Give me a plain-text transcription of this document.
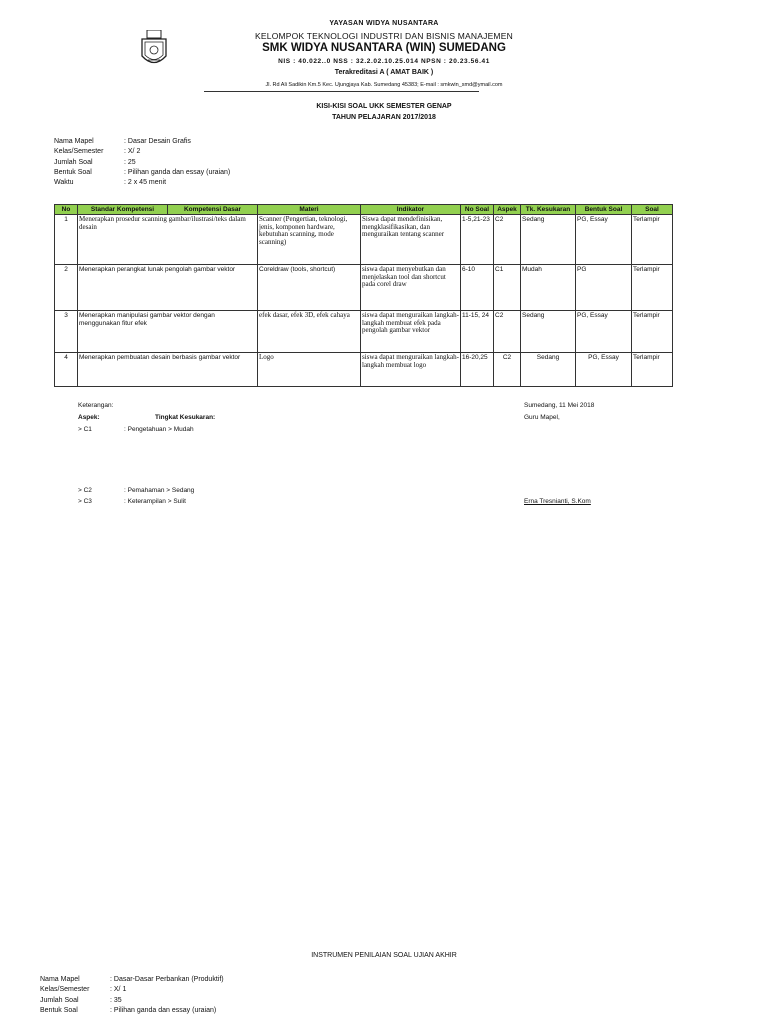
YAYASAN WIDYA NUSANTARA
KELOMPOK TEKNOLOGI INDUSTRI DAN BISNIS MANAJEMEN
SMK WIDYA NUSANTARA (WIN) SUMEDANG
NIS : 40.022..0 NSS : 32.2.02.10.25.014 NPSN : 20.23.56.41
Terakreditasi A ( AMAT BAIK )
Jl. Rd Ali Sadikin Km.5 Kec. Ujungjaya Kab. Sumedang 45383; E-mail : smkwin_smd@ymail.com
KISI-KISI SOAL UKK SEMESTER GENAP
TAHUN PELAJARAN 2017/2018
Nama Mapel	: Dasar Desain Grafis
Kelas/Semester	: X/ 2
Jumlah Soal	: 25
Bentuk Soal	: Pilihan ganda dan essay (uraian)
Waktu	: 2 x 45 menit
No	Standar Kompetensi	Kompetensi Dasar	Materi	Indikator	No Soal	Aspek	Tk. Kesukaran	Bentuk Soal	Soal
1	Menerapkan prosedur scanning gambar/ilustrasi/teks dalam desain		Scanner (Pengertian, teknologi, jenis, komponen hardware, kebutuhan scanning, mode scanning)	Siswa dapat mendefinisikan, mengklasifikasikan, dan menguraikan tentang scanner	1-5,21-23	C2	Sedang	PG, Essay	Terlampir
2	Menerapkan perangkat lunak pengolah gambar vektor		Coreldraw (tools, shortcut)	siswa dapat menyebutkan dan menjelaskan tool dan shortcut pada corel draw	6-10	C1	Mudah	PG	Terlampir
3	Menerapkan manipulasi gambar vektor dengan menggunakan fitur efek		efek dasar, efek 3D, efek cahaya	siswa dapat menguraikan langkah-langkah membuat efek pada pengolah gambar vektor	11-15, 24	C2	Sedang	PG, Essay	Terlampir
4	Menerapkan pembuatan desain berbasis gambar vektor		Logo	siswa dapat menguraikan langkah-langkah membuat logo	16-20,25	C2	Sedang	PG, Essay	Terlampir
Keterangan:
Aspek:	Tingkat Kesukaran:
> C1	: Pengetahuan > Mudah
> C2	: Pemahaman > Sedang
> C3	: Keterampilan > Sulit
Sumedang, 11 Mei 2018
Guru Mapel,
Erna Tresnianti, S.Kom
INSTRUMEN PENILAIAN SOAL UJIAN AKHIR
Nama Mapel	: Dasar-Dasar Perbankan (Produktif)
Kelas/Semester	: X/ 1
Jumlah Soal	: 35
Bentuk Soal	: Pilihan ganda dan essay (uraian)
